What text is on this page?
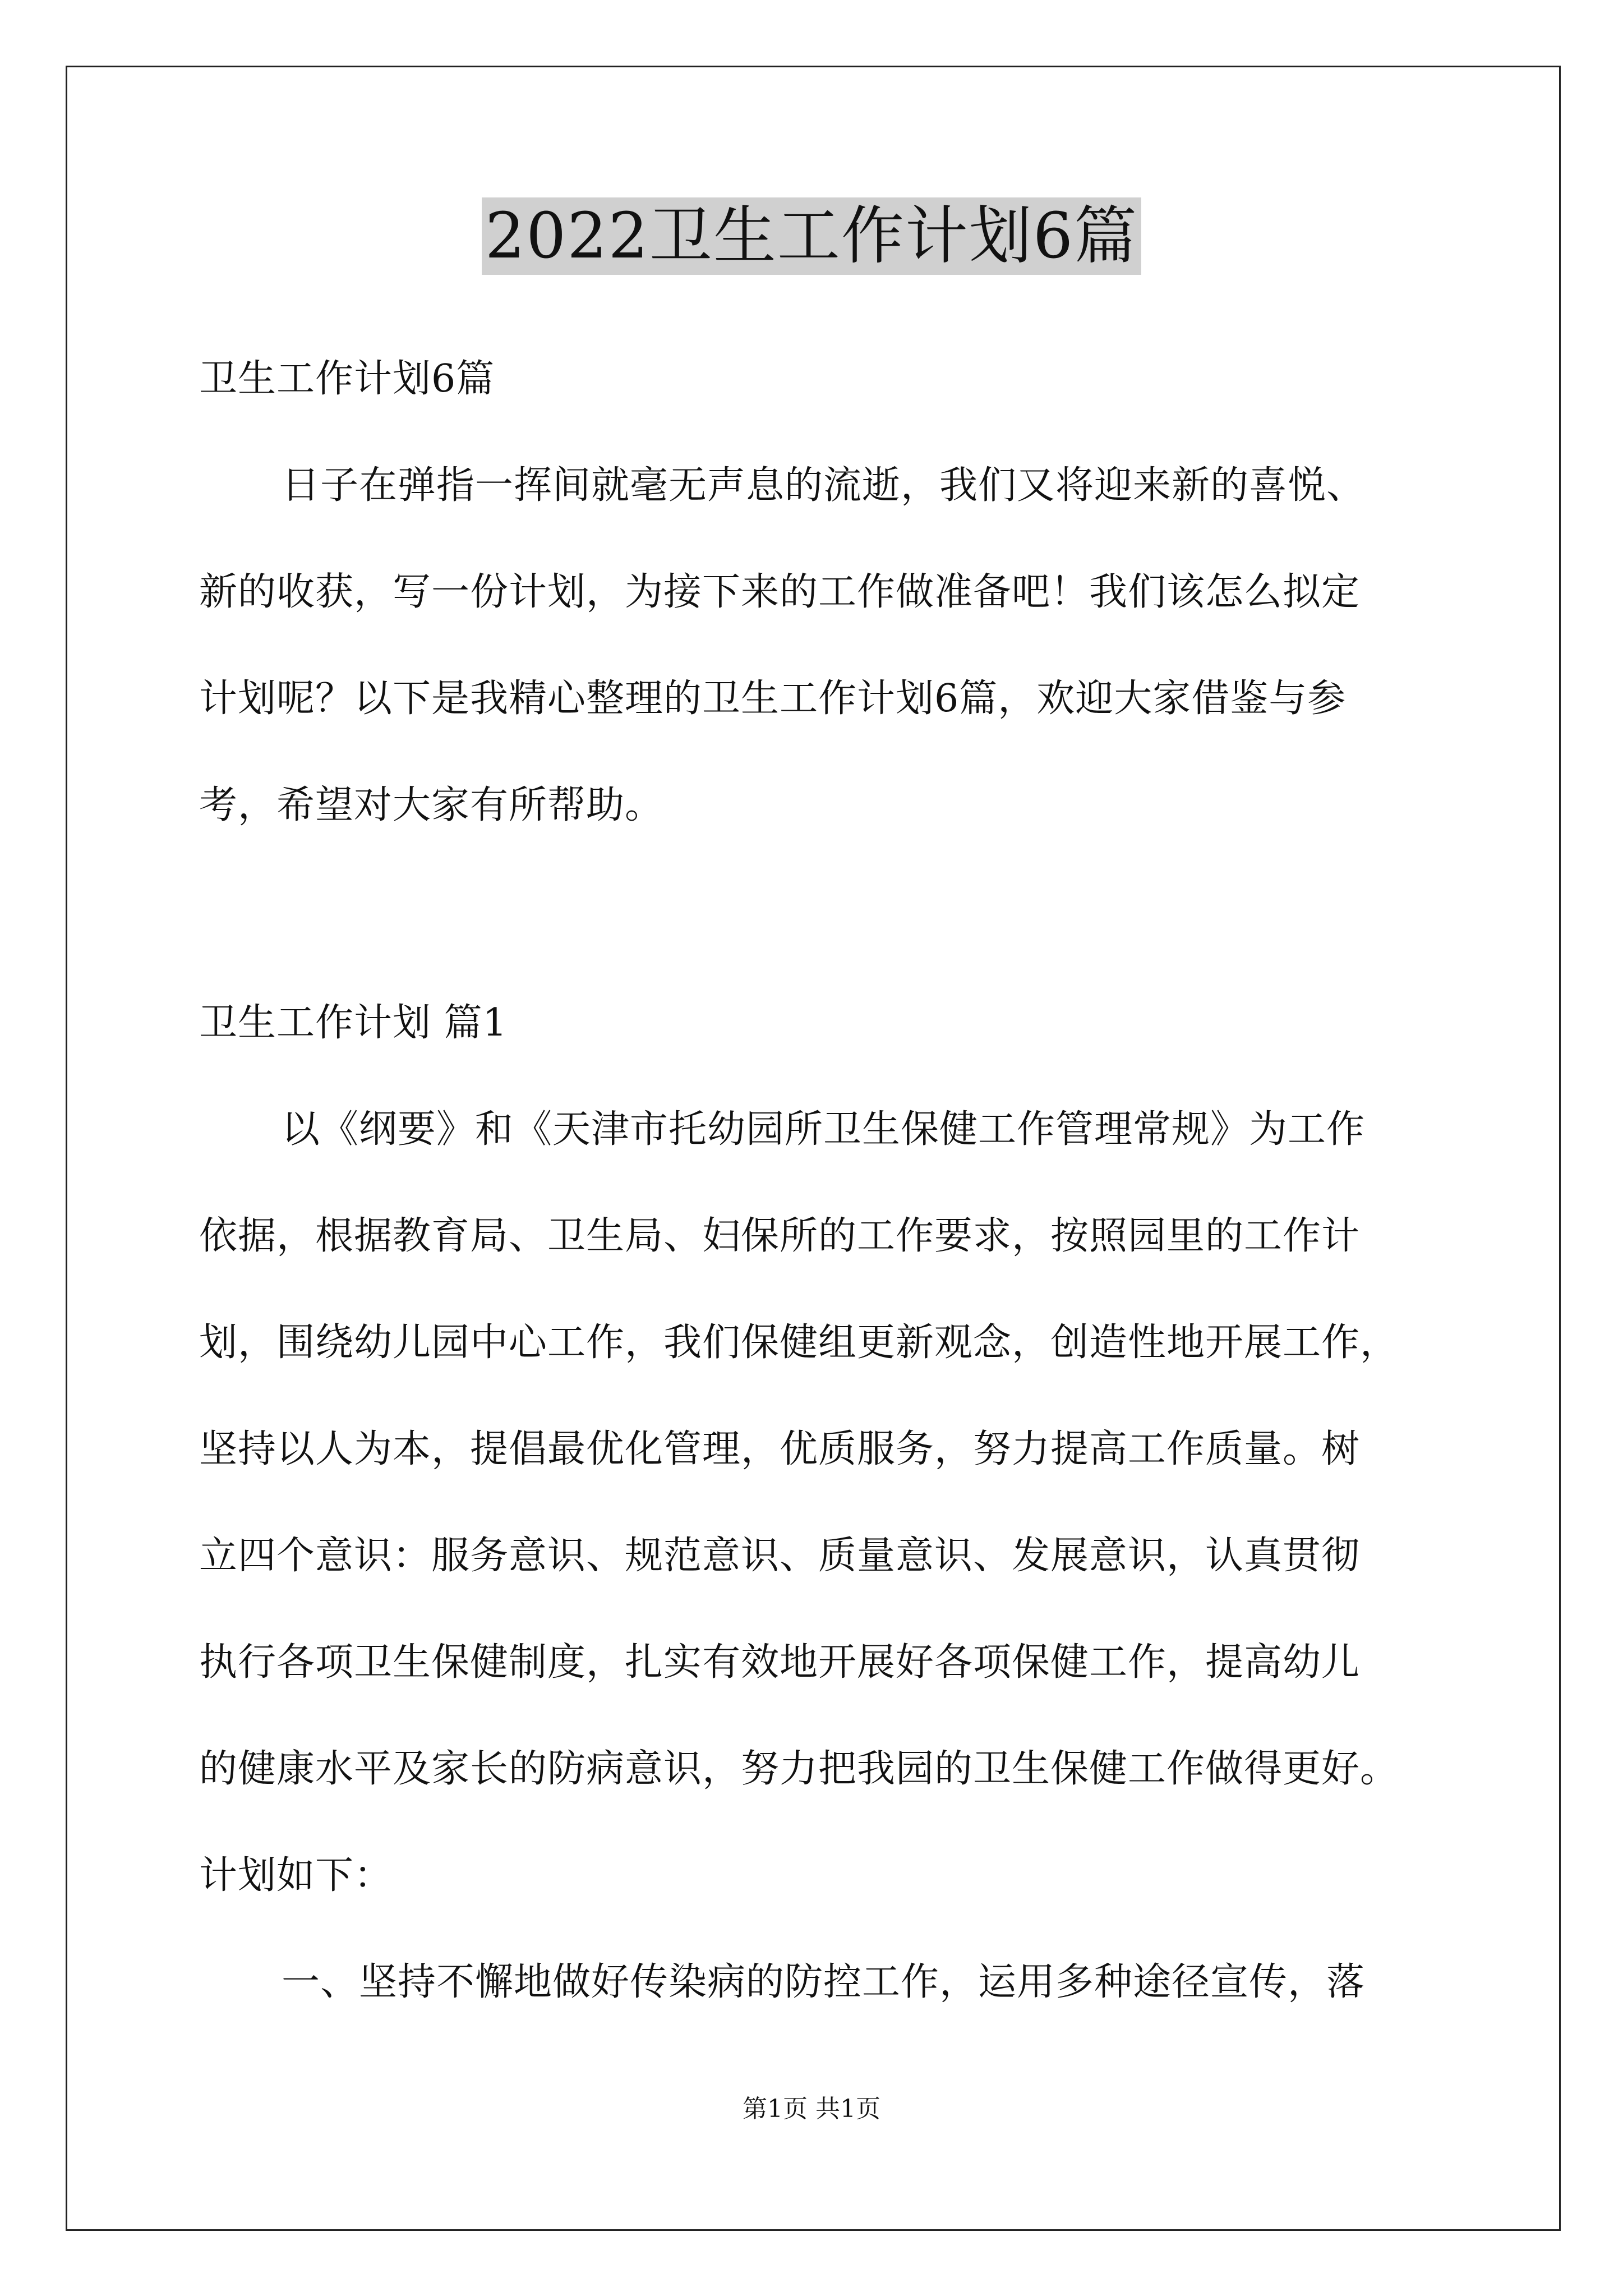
2022卫生工作计划6篇
卫生工作计划6篇
日子在弹指一挥间就毫无声息的流逝，我们又将迎来新的喜悦、
新的收获，写一份计划，为接下来的工作做准备吧！我们该怎么拟定
计划呢？以下是我精心整理的卫生工作计划6篇，欢迎大家借鉴与参
考，希望对大家有所帮助。
卫生工作计划 篇1
以《纲要》和《天津市托幼园所卫生保健工作管理常规》为工作
依据，根据教育局、卫生局、妇保所的工作要求，按照园里的工作计
划，围绕幼儿园中心工作，我们保健组更新观念，创造性地开展工作，
坚持以人为本，提倡最优化管理，优质服务，努力提高工作质量。树
立四个意识：服务意识、规范意识、质量意识、发展意识，认真贯彻
执行各项卫生保健制度，扎实有效地开展好各项保健工作，提高幼儿
的健康水平及家长的防病意识，努力把我园的卫生保健工作做得更好。
计划如下：
一、坚持不懈地做好传染病的防控工作，运用多种途径宣传，落
第1页 共1页
